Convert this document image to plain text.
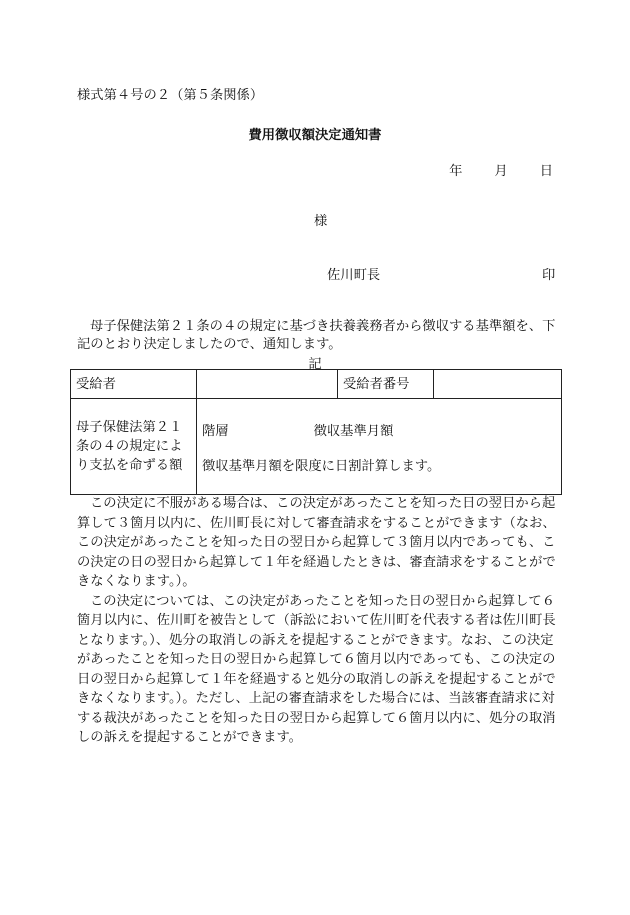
様式第４号の２（第５条関係）
費用徴収額決定通知書
年 月 日
様
佐川町長	印

母子保健法第２１条の４の規定に基づき扶養義務者から徴収する基準額を、下記のとおり決定しましたので、通知します。

記
受給者		受給者番号	
母子保健法第２１条の４の規定により支払を命ずる額	階層 徴収基準月額
徴収基準月額を限度に日割計算します。		

この決定に不服がある場合は、この決定があったことを知った日の翌日から起算して３箇月以内に、佐川町長に対して審査請求をすることができます（なお、この決定があったことを知った日の翌日から起算して３箇月以内であっても、この決定の日の翌日から起算して１年を経過したときは、審査請求をすることができなくなります。）。

この決定については、この決定があったことを知った日の翌日から起算して６箇月以内に、佐川町を被告として（訴訟において佐川町を代表する者は佐川町長となります。）、処分の取消しの訴えを提起することができます。なお、この決定があったことを知った日の翌日から起算して６箇月以内であっても、この決定の日の翌日から起算して１年を経過すると処分の取消しの訴えを提起することができなくなります。）。ただし、上記の審査請求をした場合には、当該審査請求に対する裁決があったことを知った日の翌日から起算して６箇月以内に、処分の取消しの訴えを提起することができます。
